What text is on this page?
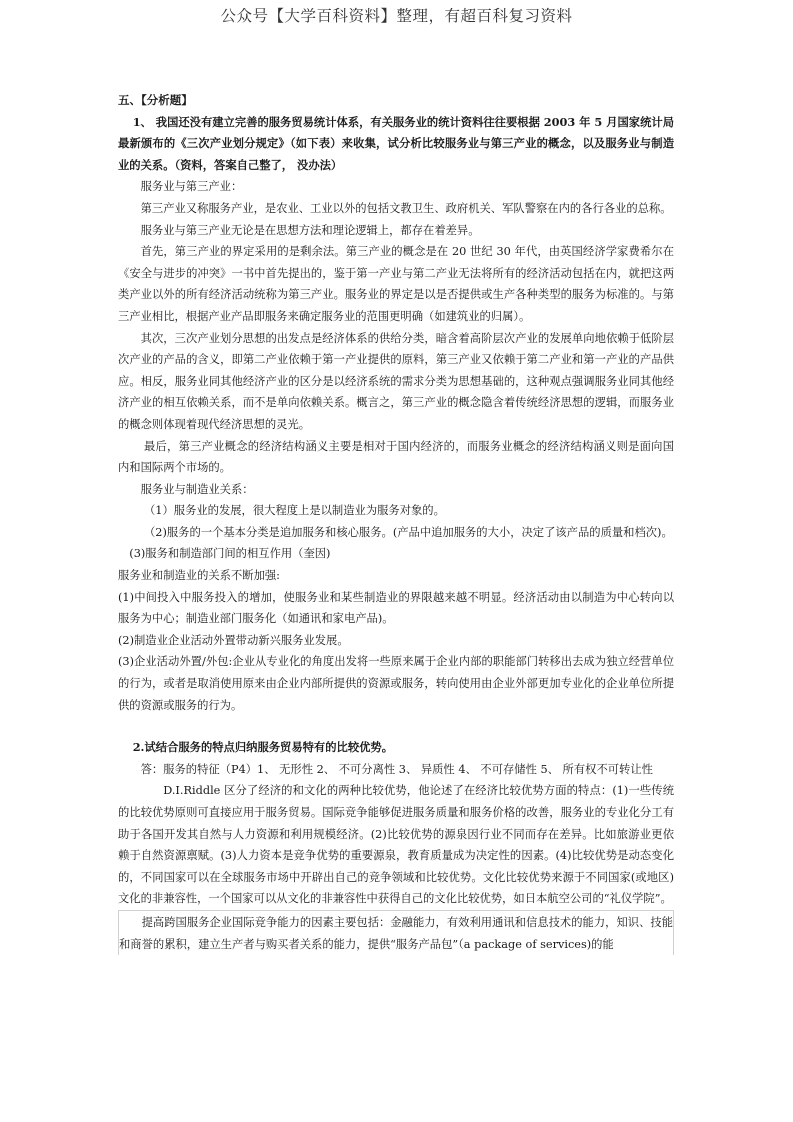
公众号【大学百科资料】整理，有超百科复习资料

五、【分析题】

1、 我国还没有建立完善的服务贸易统计体系，有关服务业的统计资料往往要根据 2003 年 5 月国家统计局最新颁布的《三次产业划分规定》（如下表）来收集，试分析比较服务业与第三产业的概念，以及服务业与制造业的关系。（资料，答案自己整了， 没办法）

服务业与第三产业：

第三产业又称服务产业，是农业、工业以外的包括文教卫生、政府机关、军队警察在内的各行各业的总称。

服务业与第三产业无论是在思想方法和理论逻辑上，都存在着差异。

首先，第三产业的界定采用的是剩余法。第三产业的概念是在 20 世纪 30 年代，由英国经济学家费希尔在《安全与进步的冲突》一书中首先提出的，鉴于第一产业与第二产业无法将所有的经济活动包括在内，就把这两类产业以外的所有经济活动统称为第三产业。服务业的界定是以是否提供或生产各种类型的服务为标准的。与第三产业相比，根据产业产品即服务来确定服务业的范围更明确（如建筑业的归属）。

其次，三次产业划分思想的出发点是经济体系的供给分类，暗含着高阶层次产业的发展单向地依赖于低阶层次产业的产品的含义，即第二产业依赖于第一产业提供的原料，第三产业又依赖于第二产业和第一产业的产品供应。相反，服务业同其他经济产业的区分是以经济系统的需求分类为思想基础的，这种观点强调服务业同其他经济产业的相互依赖关系，而不是单向依赖关系。概言之，第三产业的概念隐含着传统经济思想的逻辑，而服务业的概念则体现着现代经济思想的灵光。

最后，第三产业概念的经济结构涵义主要是相对于国内经济的，而服务业概念的经济结构涵义则是面向国内和国际两个市场的。

服务业与制造业关系：

（1）服务业的发展，很大程度上是以制造业为服务对象的。

（2)服务的一个基本分类是追加服务和核心服务。(产品中追加服务的大小，决定了该产品的质量和档次)。

(3)服务和制造部门间的相互作用（奎因)

服务业和制造业的关系不断加强:

(1)中间投入中服务投入的增加，使服务业和某些制造业的界限越来越不明显。经济活动由以制造为中心转向以服务为中心；制造业部门服务化（如通讯和家电产品)。

(2)制造业企业活动外置带动新兴服务业发展。

(3)企业活动外置/外包:企业从专业化的角度出发将一些原来属于企业内部的职能部门转移出去成为独立经营单位的行为，或者是取消使用原来由企业内部所提供的资源或服务，转向使用由企业外部更加专业化的企业单位所提供的资源或服务的行为。

2.试结合服务的特点归纳服务贸易特有的比较优势。

答：服务的特征（P4）1、 无形性 2、 不可分离性 3、 异质性 4、 不可存储性 5、 所有权不可转让性

D.I.Riddle 区分了经济的和文化的两种比较优势，他论述了在经济比较优势方面的特点：(1)一些传统的比较优势原则可直接应用于服务贸易。国际竞争能够促进服务质量和服务价格的改善，服务业的专业化分工有助于各国开发其自然与人力资源和利用规模经济。(2)比较优势的源泉因行业不同而存在差异。比如旅游业更依赖于自然资源禀赋。(3)人力资本是竞争优势的重要源泉，教育质量成为决定性的因素。(4)比较优势是动态变化的，不同国家可以在全球服务市场中开辟出自己的竞争领域和比较优势。文化比较优势来源于不同国家(或地区)文化的非兼容性，一个国家可以从文化的非兼容性中获得自己的文化比较优势，如日本航空公司的“礼仪学院”。

提高跨国服务企业国际竞争能力的因素主要包括：金融能力，有效利用通讯和信息技术的能力，知识、技能和商誉的累积，建立生产者与购买者关系的能力，提供“服务产品包”（a package of services)的能
